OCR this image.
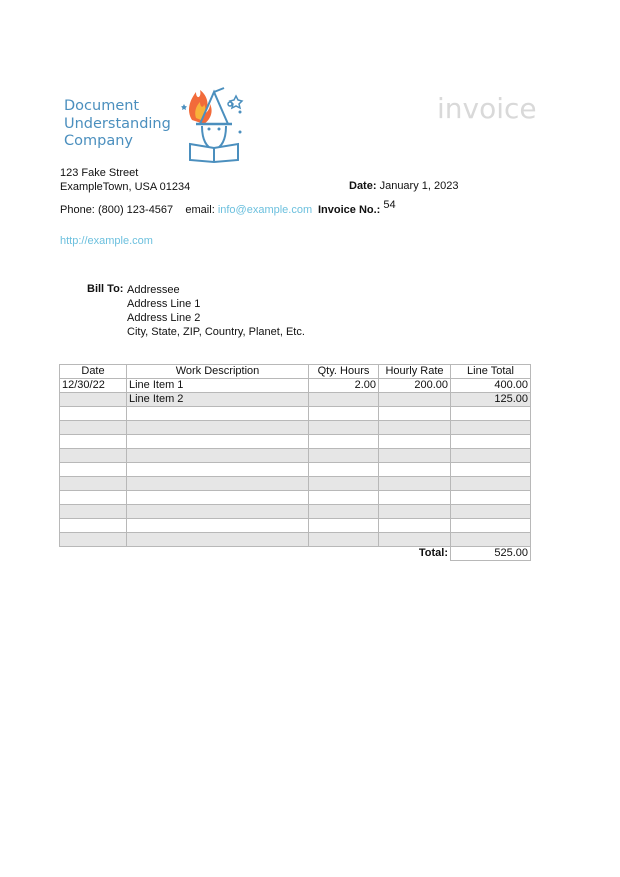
Document
Understanding
Company
invoice
123 Fake Street
ExampleTown, USA 01234	Date: January 1, 2023
Phone: (800) 123-4567 email: info@example.com Invoice No.: 54
http://example.com
Bill To: Addressee
Address Line 1
Address Line 2
City, State, ZIP, Country, Planet, Etc.
Date	Work Description	Qty. Hours	Hourly Rate	Line Total
12/30/22	Line Item 1	2.00	200.00	400.00
	Line Item 2			125.00

Total:				525.00
